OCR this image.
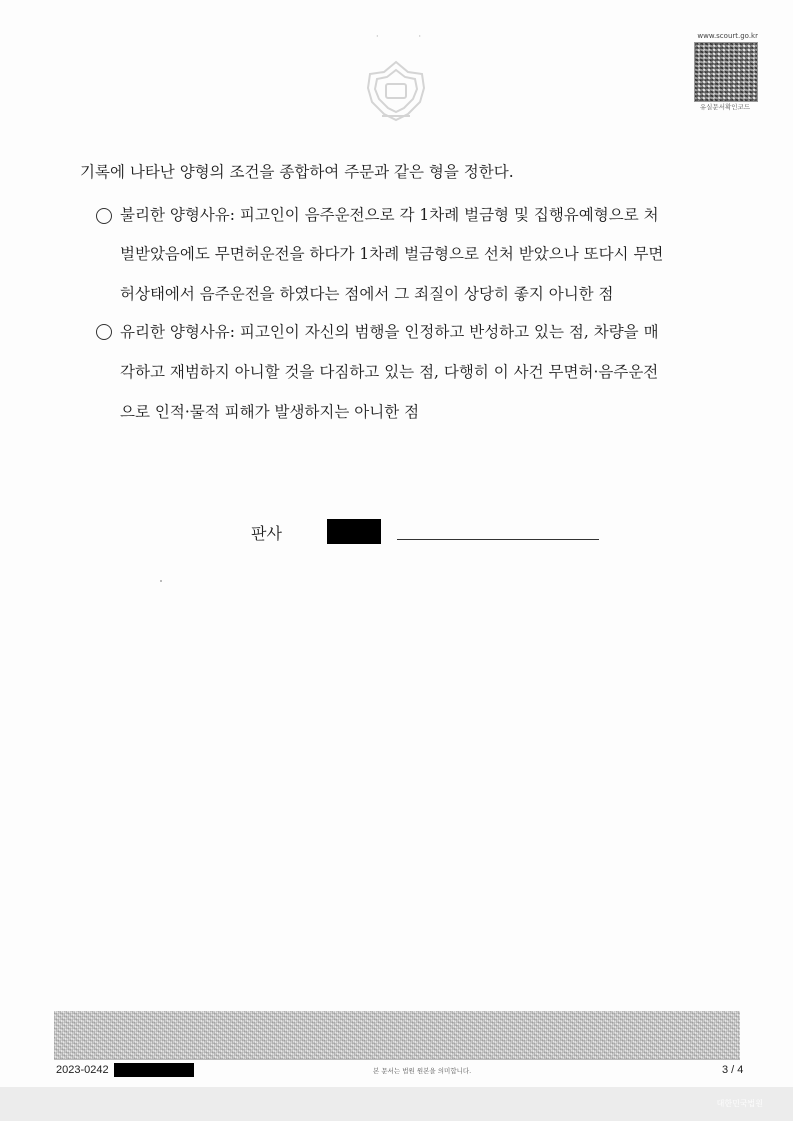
··	www.scourt.go.kr
유실문서확인코드
기록에 나타난 양형의 조건을 종합하여 주문과 같은 형을 정한다.
불리한 양형사유: 피고인이 음주운전으로 각 1차례 벌금형 및 집행유예형으로 처
벌받았음에도 무면허운전을 하다가 1차례 벌금형으로 선처 받았으나 또다시 무면
허상태에서 음주운전을 하였다는 점에서 그 죄질이 상당히 좋지 아니한 점
유리한 양형사유: 피고인이 자신의 범행을 인정하고 반성하고 있는 점, 차량을 매
각하고 재범하지 아니할 것을 다짐하고 있는 점, 다행히 이 사건 무면허·음주운전
으로 인적·물적 피해가 발생하지는 아니한 점
판사
2023-0242	본 문서는 법원 원본을 의미합니다.	3 / 4
대한민국법원
